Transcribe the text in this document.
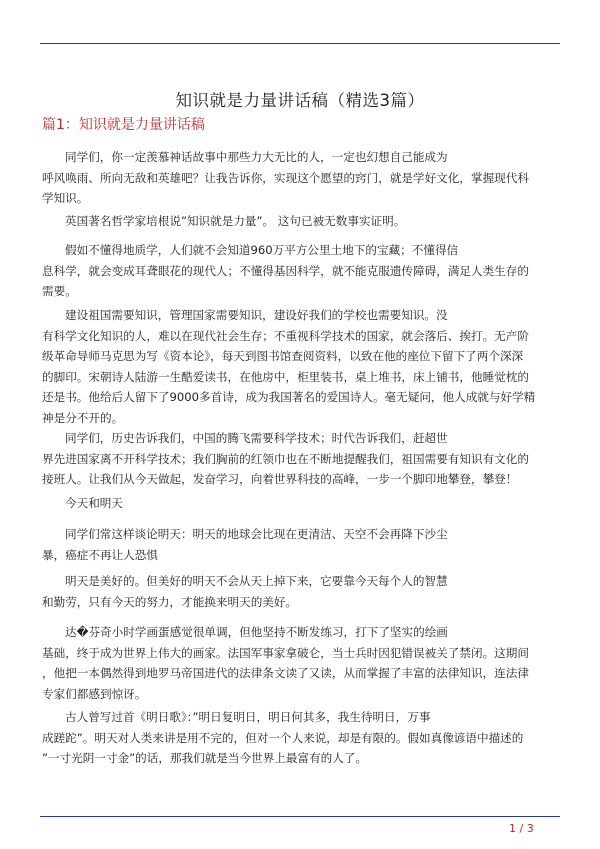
知识就是力量讲话稿（精选3篇）
篇1：知识就是力量讲话稿
同学们，你一定羡慕神话故事中那些力大无比的人，一定也幻想自己能成为
呼风唤雨、所向无敌和英雄吧？让我告诉你，实现这个愿望的窍门，就是学好文化，掌握现代科
学知识。
英国著名哲学家培根说”知识就是力量”。 这句已被无数事实证明。
假如不懂得地质学，人们就不会知道960万平方公里土地下的宝藏；不懂得信
息科学，就会变成耳聋眼花的现代人；不懂得基因科学，就不能克服遗传障碍，满足人类生存的
需要。
建设祖国需要知识，管理国家需要知识，建设好我们的学校也需要知识。没
有科学文化知识的人，难以在现代社会生存；不重视科学技术的国家，就会落后、挨打。无产阶
级革命导师马克思为写《资本论》，每天到图书馆查阅资料，以致在他的座位下留下了两个深深
的脚印。宋朝诗人陆游一生酷爱读书，在他房中，柜里装书，桌上堆书，床上铺书，他睡觉枕的
还是书。他给后人留下了9000多首诗，成为我国著名的爱国诗人。毫无疑问，他人成就与好学精
神是分不开的。
同学们，历史告诉我们，中国的腾飞需要科学技术；时代告诉我们，赶超世
界先进国家离不开科学技术；我们胸前的红领巾也在不断地提醒我们，祖国需要有知识有文化的
接班人。让我们从今天做起，发奋学习，向着世界科技的高峰，一步一个脚印地攀登，攀登！
今天和明天
同学们常这样谈论明天：明天的地球会比现在更清洁、天空不会再降下沙尘
暴，癌症不再让人恐惧
明天是美好的。但美好的明天不会从天上掉下来，它要靠今天每个人的智慧
和勤劳，只有今天的努力，才能换来明天的美好。
达�芬奇小时学画蛋感觉很单调，但他坚持不断发练习，打下了坚实的绘画
基础，终于成为世界上伟大的画家。法国军事家拿破仑，当士兵时因犯错误被关了禁闭。这期间
，他把一本偶然得到地罗马帝国进代的法律条文读了又读，从而掌握了丰富的法律知识，连法律
专家们都感到惊讶。
古人曾写过首《明日歌》：”明日复明日，明日何其多，我生待明日，万事
成蹉跎”。明天对人类来讲是用不完的，但对一个人来说，却是有限的。假如真像谚语中描述的
”一寸光阴一寸金”的话，那我们就是当今世界上最富有的人了。
1 / 3
